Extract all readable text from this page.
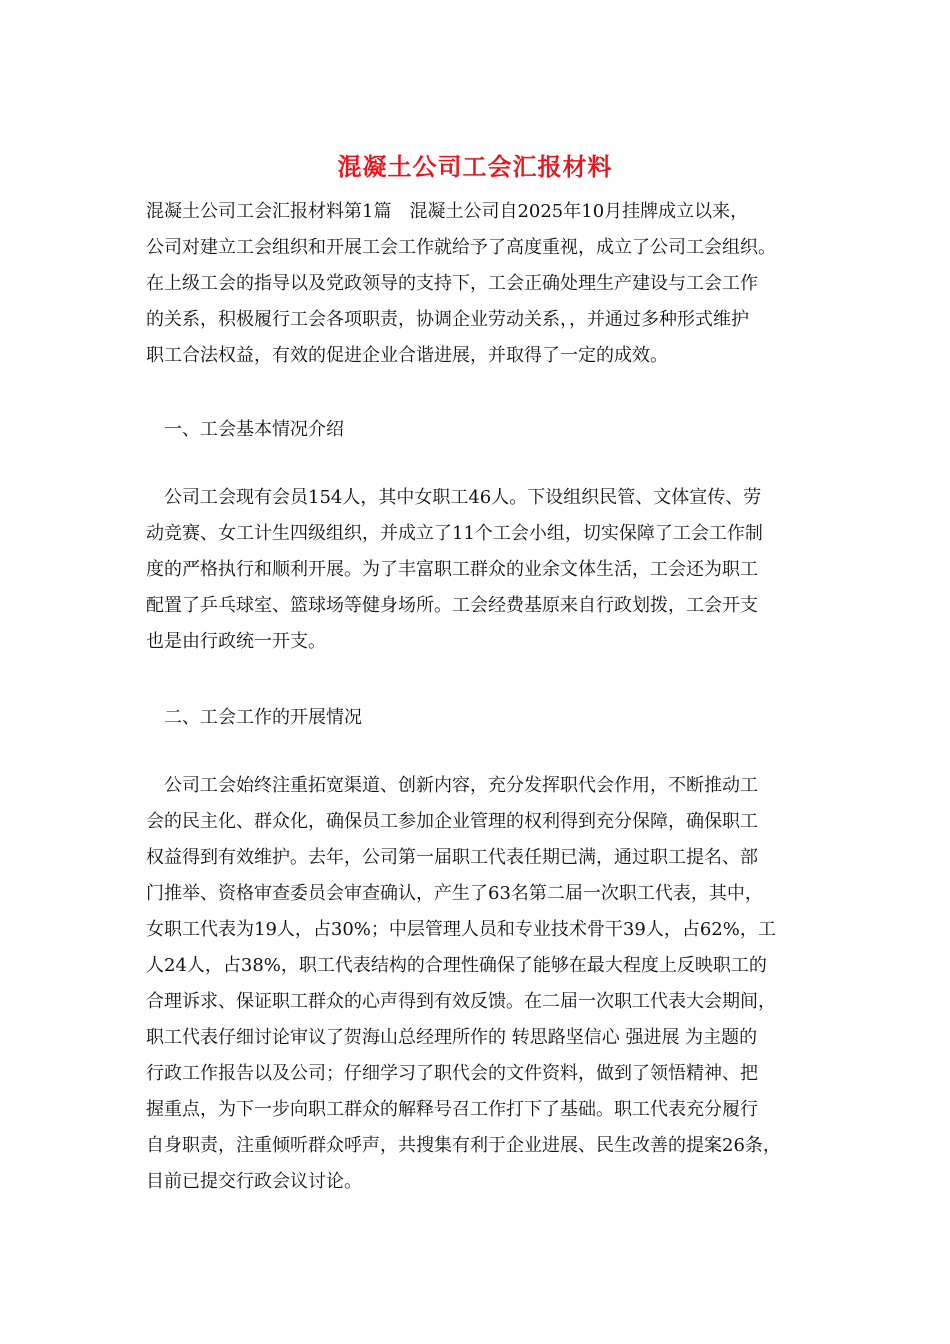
混凝土公司工会汇报材料
混凝土公司工会汇报材料第1篇　混凝土公司自2025年10月挂牌成立以来，
公司对建立工会组织和开展工会工作就给予了高度重视，成立了公司工会组织。
在上级工会的指导以及党政领导的支持下，工会正确处理生产建设与工会工作
的关系，积极履行工会各项职责，协调企业劳动关系，，并通过多种形式维护
职工合法权益，有效的促进企业合谐进展，并取得了一定的成效。
　一、工会基本情况介绍
　公司工会现有会员154人，其中女职工46人。下设组织民管、文体宣传、劳
动竞赛、女工计生四级组织，并成立了11个工会小组，切实保障了工会工作制
度的严格执行和顺利开展。为了丰富职工群众的业余文体生活，工会还为职工
配置了乒乓球室、篮球场等健身场所。工会经费基原来自行政划拨，工会开支
也是由行政统一开支。
　二、工会工作的开展情况
　公司工会始终注重拓宽渠道、创新内容，充分发挥职代会作用，不断推动工
会的民主化、群众化，确保员工参加企业管理的权利得到充分保障，确保职工
权益得到有效维护。去年，公司第一届职工代表任期已满，通过职工提名、部
门推举、资格审查委员会审查确认，产生了63名第二届一次职工代表，其中，
女职工代表为19人，占30%；中层管理人员和专业技术骨干39人，占62%，工
人24人，占38%，职工代表结构的合理性确保了能够在最大程度上反映职工的
合理诉求、保证职工群众的心声得到有效反馈。在二届一次职工代表大会期间，
职工代表仔细讨论审议了贺海山总经理所作的 转思路坚信心 强进展 为主题的
行政工作报告以及公司；仔细学习了职代会的文件资料，做到了领悟精神、把
握重点，为下一步向职工群众的解释号召工作打下了基础。职工代表充分履行
自身职责，注重倾听群众呼声，共搜集有利于企业进展、民生改善的提案26条，
目前已提交行政会议讨论。
